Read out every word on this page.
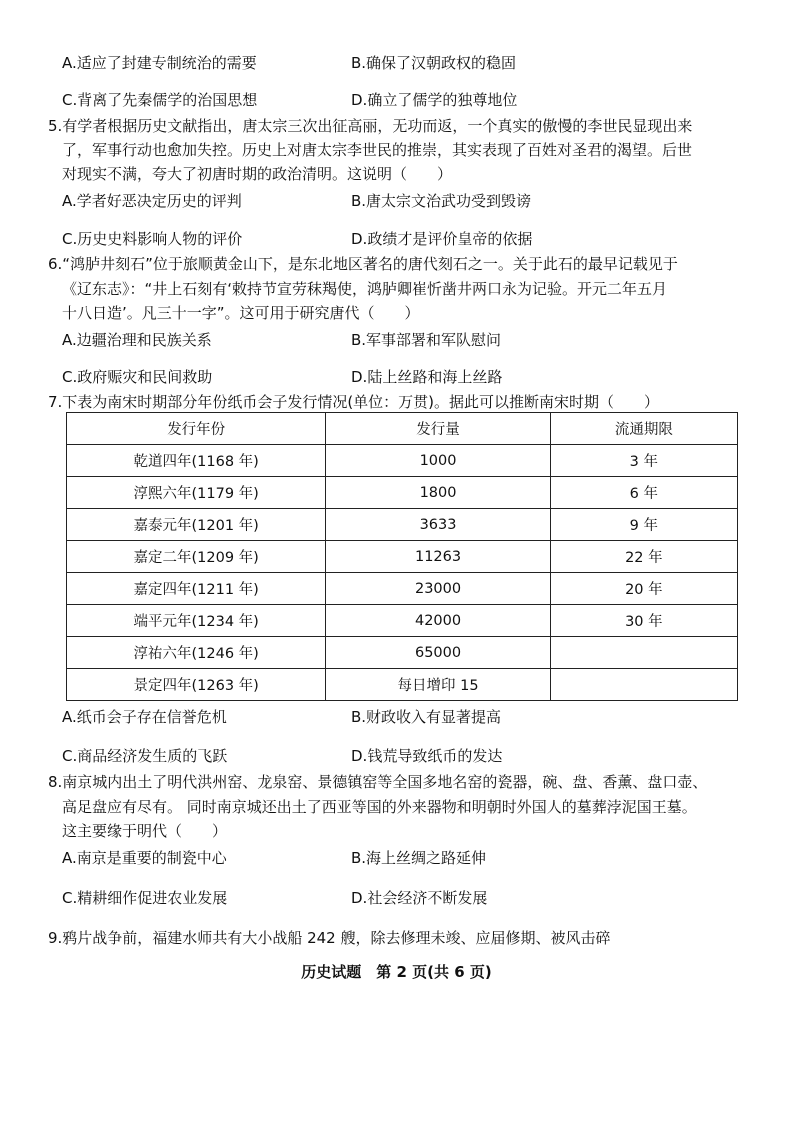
A.适应了封建专制统治的需要	B.确保了汉朝政权的稳固
C.背离了先秦儒学的治国思想	D.确立了儒学的独尊地位
5.有学者根据历史文献指出，唐太宗三次出征高丽，无功而返，一个真实的傲慢的李世民显现出来
了，军事行动也愈加失控。历史上对唐太宗李世民的推崇，其实表现了百姓对圣君的渴望。后世
对现实不满，夸大了初唐时期的政治清明。这说明（　　）
A.学者好恶决定历史的评判	B.唐太宗文治武功受到毁谤
C.历史史料影响人物的评价	D.政绩才是评价皇帝的依据
6.“鸿胪井刻石”位于旅顺黄金山下，是东北地区著名的唐代刻石之一。关于此石的最早记载见于
《辽东志》：“井上石刻有‘敕持节宣劳秣羯使，鸿胪卿崔忻凿井两口永为记验。开元二年五月
十八日造’。凡三十一字”。这可用于研究唐代（　　）
A.边疆治理和民族关系	B.军事部署和军队慰问
C.政府赈灾和民间救助	D.陆上丝路和海上丝路
7.下表为南宋时期部分年份纸币会子发行情况(单位：万贯)。据此可以推断南宋时期（　　）
发行年份	发行量	流通期限
乾道四年(1168 年)	1000	3 年
淳熙六年(1179 年)	1800	6 年
嘉泰元年(1201 年)	3633	9 年
嘉定二年(1209 年)	11263	22 年
嘉定四年(1211 年)	23000	20 年
端平元年(1234 年)	42000	30 年
淳祐六年(1246 年)	65000	
景定四年(1263 年)	每日增印 15	
A.纸币会子存在信誉危机	B.财政收入有显著提高
C.商品经济发生质的飞跃	D.钱荒导致纸币的发达
8.南京城内出土了明代洪州窑、龙泉窑、景德镇窑等全国多地名窑的瓷器，碗、盘、香薰、盘口壶、
高足盘应有尽有。 同时南京城还出土了西亚等国的外来器物和明朝时外国人的墓葬浡泥国王墓。
这主要缘于明代（　　）
A.南京是重要的制瓷中心	B.海上丝绸之路延伸
C.精耕细作促进农业发展	D.社会经济不断发展
9.鸦片战争前，福建水师共有大小战船 242 艘，除去修理未竣、应届修期、被风击碎
历史试题　第 2 页(共 6 页)
